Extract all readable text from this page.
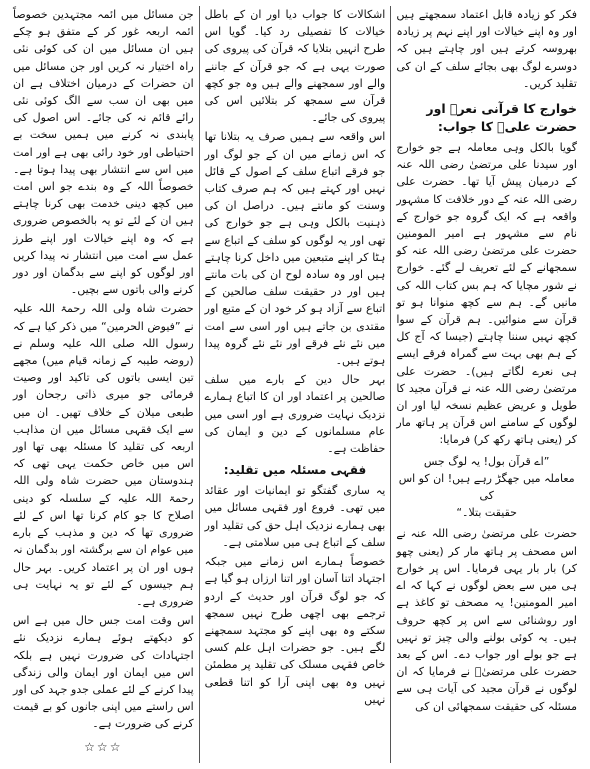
فکر کو زیادہ قابل اعتماد سمجھتے ہیں اور وہ اپنے خیالات اور اپنے نہم پر زیادہ بھروسہ کرتے ہیں اور چاہتے ہیں کہ دوسرے لوگ بھی بجائے سلف کے ان کی تقلید کریں۔

خوارج کا قرآنی نعرہ اور حضرت علیؓ کا جواب:

گویا بالکل وہی معاملہ ہے جو خوارج اور سیدنا علی مرتضیٰ رضی اللہ عنہ کے درمیان پیش آیا تھا۔ حضرت علی رضی اللہ عنہ کے دور خلافت کا مشہور واقعہ ہے کہ ایک گروہ جو خوارج کے نام سے مشہور ہے امیر المومنین حضرت علی مرتضیٰ رضی اللہ عنہ کو سمجھانے کے لئے تعریف لے گئے۔ خوارج نے شور مچایا کہ ہم بس کتاب اللہ کی مانیں گے۔ ہم سے کچھ منوانا ہو تو قرآن سے منوائیں۔ ہم قرآن کے سوا کچھ نہیں سننا چاہتے (جیسا کہ آج کل کے ہم بھی بہت سے گمراہ فرقے ایسے ہی نعرے لگاتے ہیں)۔ حضرت علی مرتضیٰ رضی اللہ عنہ نے قرآن مجید کا طویل و عریض عظیم نسخہ لیا اور ان لوگوں کے سامنے اس قرآن پر ہاتھ مار کر (یعنی ہاتھ رکھ کر) فرمایا:

”اے قرآن بول! یہ لوگ جس
معاملہ میں جھگڑ رہے ہیں! ان کو اس کی
حقیقت بتلا۔“

حضرت علی مرتضیٰ رضی اللہ عنہ نے اس مصحف پر ہاتھ مار کر (یعنی چھو کر) بار بار یہی فرمایا۔ اس پر خوارج ہی میں سے بعض لوگوں نے کہا کہ اے امیر المومنین! یہ مصحف تو کاغذ ہے اور روشنائی سے اس پر کچھ حروف ہیں۔ یہ کوئی بولنے والی چیز تو نہیں ہے جو بولے اور جواب دے۔ اس کے بعد حضرت علی مرتضیٰؓ نے فرمایا کہ ان لوگوں نے قرآن مجید کی آیات ہی سے مسئلہ کی حقیقت سمجھائی ان کی

اشکالات کا جواب دیا اور ان کے باطل خیالات کا تفصیلی رد کیا۔ گویا اس طرح انہیں بتلایا کہ قرآن کی پیروی کی صورت یہی ہے کہ جو قرآن کے جاننے والے اور سمجھنے والے ہیں وہ جو کچھ قرآن سے سمجھ کر بتلائیں اس کی پیروی کی جائے۔

اس واقعہ سے ہمیں صرف یہ بتلانا تھا کہ اس زمانے میں ان کے جو لوگ اور جو فرقے اتباع سلف کے اصول کے قائل نہیں اور کہتے ہیں کہ ہم صرف کتاب وسنت کو مانتے ہیں۔ دراصل ان کی ذہنیت بالکل وہی ہے جو خوارج کی تھی اور یہ لوگوں کو سلف کے اتباع سے ہٹا کر اپنے متبعین میں داخل کرنا چاہتے ہیں اور وہ سادہ لوح ان کی بات مانتے ہیں اور در حقیقت سلف صالحین کے اتباع سے آزاد ہو کر خود ان کے متبع اور مقتدی بن جاتے ہیں اور اسی سے امت میں نئے نئے فرقے اور نئے نئے گروہ پیدا ہوتے ہیں۔

بہر حال دین کے بارے میں سلف صالحین پر اعتماد اور ان کا اتباع ہمارے نزدیک نہایت ضروری ہے اور اسی میں عام مسلمانوں کے دین و ایمان کی حفاظت ہے۔

فقہی مسئلہ میں تقلید:

یہ ساری گفتگو تو ایمانیات اور عقائد میں تھی۔ فروع اور فقہی مسائل میں بھی ہمارے نزدیک اہل حق کی تقلید اور سلف کے اتباع ہی میں سلامتی ہے۔

خصوصاً ہمارے اس زمانے میں جبکہ اجتہاد اتنا آسان اور اتنا ارزاں ہو گیا ہے کہ جو لوگ قرآن اور حدیث کے اردو ترجمے بھی اچھی طرح نہیں سمجھ سکتے وہ بھی اپنے کو مجتہد سمجھنے لگے ہیں۔ جو حضرات اہل علم کسی خاص فقہی مسلک کی تقلید پر مطمئن نہیں وہ بھی اپنی آرا کو اتنا قطعی نہیں

جن مسائل میں ائمہ مجتہدین خصوصاً ائمہ اربعہ غور کر کے متفق ہو چکے ہیں ان مسائل میں ان کی کوئی نئی راہ اختیار نہ کریں اور جن مسائل میں ان حضرات کے درمیان اختلاف ہے ان میں بھی ان سب سے الگ کوئی نئی رائے قائم نہ کی جائے۔ اس اصول کی پابندی نہ کرنے میں ہمیں سخت بے احتیاطی اور خود رائی بھی ہے اور امت میں اس سے انتشار بھی پیدا ہوتا ہے۔ خصوصاً اللہ کے وہ بندے جو اس امت میں کچھ دینی خدمت بھی کرنا چاہتے ہیں ان کے لئے تو یہ بالخصوص ضروری ہے کہ وہ اپنے خیالات اور اپنے طرز عمل سے امت میں انتشار نہ پیدا کریں اور لوگوں کو اپنے سے بدگمان اور دور کرنے والی باتوں سے بچیں۔

حضرت شاہ ولی اللہ رحمۃ اللہ علیہ نے ”فیوض الحرمین“ میں ذکر کیا ہے کہ رسول اللہ صلی اللہ علیہ وسلم نے (روضہ طیبہ کے زمانہ قیام میں) مجھے تین ایسی باتوں کی تاکید اور وصیت فرمائی جو میری ذاتی رجحان اور طبعی میلان کے خلاف تھیں۔ ان میں سے ایک فقہی مسائل میں ان مذاہب اربعہ کی تقلید کا مسئلہ بھی تھا اور اس میں خاص حکمت یہی تھی کہ ہندوستان میں حضرت شاہ ولی اللہ رحمۃ اللہ علیہ کے سلسلہ کو دینی اصلاح کا جو کام کرنا تھا اس کے لئے ضروری تھا کہ دین و مذہب کے بارے میں عوام ان سے برگشتہ اور بدگمان نہ ہوں اور ان پر اعتماد کریں۔ بہر حال ہم جیسوں کے لئے تو یہ نہایت ہی ضروری ہے۔

اس وقت امت جس حال میں ہے اس کو دیکھتے ہوئے ہمارے نزدیک نئے اجتہادات کی ضرورت نہیں ہے بلکہ اس میں ایمان اور ایمان والی زندگی پیدا کرنے کے لئے عملی جدو جہد کی اور اس راستے میں اپنی جانوں کو بے قیمت کرنے کی ضرورت ہے۔

☆☆☆
